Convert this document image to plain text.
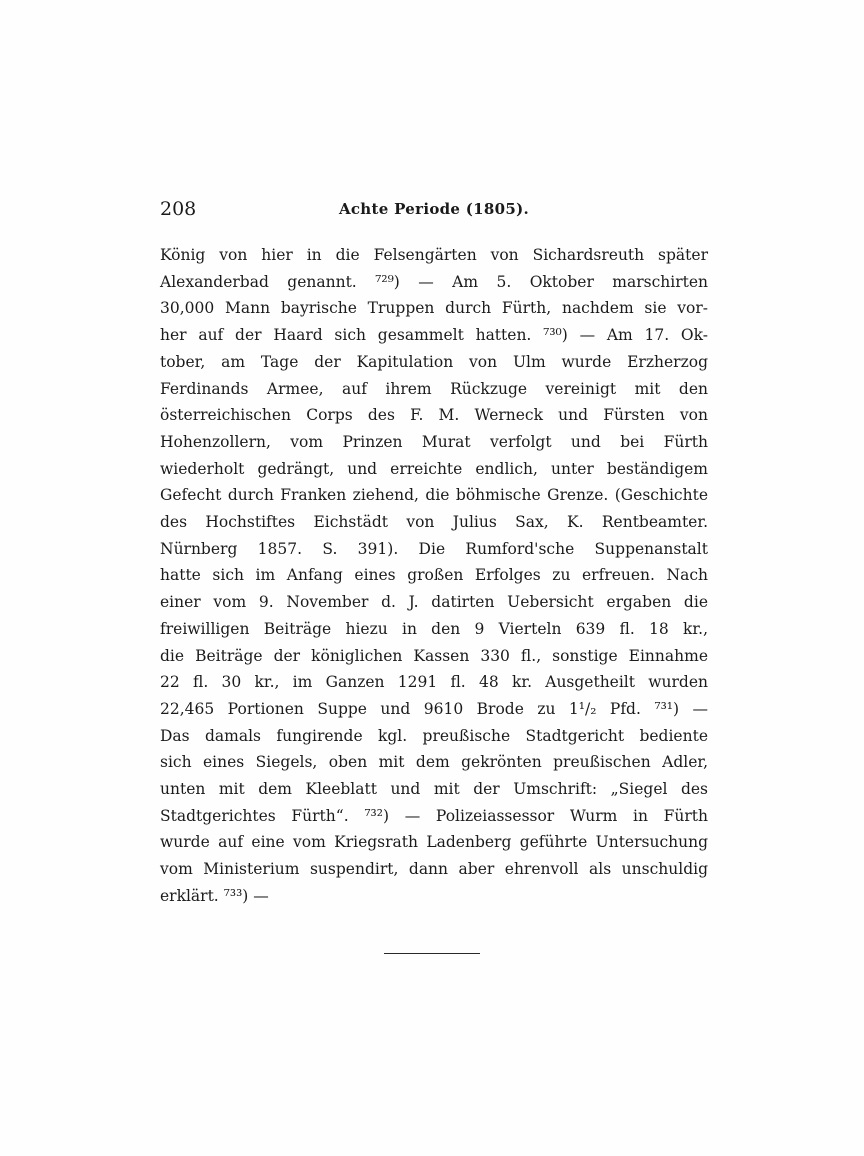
208	Achte Periode (1805).
König von hier in die Felsengärten von Sichardsreuth später
Alexanderbad genannt. ⁷²⁹) — Am 5. Oktober marschirten
30,000 Mann bayrische Truppen durch Fürth, nachdem sie vor-
her auf der Haard sich gesammelt hatten. ⁷³⁰) — Am 17. Ok-
tober, am Tage der Kapitulation von Ulm wurde Erzherzog
Ferdinands Armee, auf ihrem Rückzuge vereinigt mit den
österreichischen Corps des F. M. Werneck und Fürsten von
Hohenzollern, vom Prinzen Murat verfolgt und bei Fürth
wiederholt gedrängt, und erreichte endlich, unter beständigem
Gefecht durch Franken ziehend, die böhmische Grenze. (Geschichte
des Hochstiftes Eichstädt von Julius Sax, K. Rentbeamter.
Nürnberg 1857. S. 391). Die Rumford'sche Suppenanstalt
hatte sich im Anfang eines großen Erfolges zu erfreuen. Nach
einer vom 9. November d. J. datirten Uebersicht ergaben die
freiwilligen Beiträge hiezu in den 9 Vierteln 639 fl. 18 kr.,
die Beiträge der königlichen Kassen 330 fl., sonstige Einnahme
22 fl. 30 kr., im Ganzen 1291 fl. 48 kr. Ausgetheilt wurden
22,465 Portionen Suppe und 9610 Brode zu 1¹/₂ Pfd. ⁷³¹) —
Das damals fungirende kgl. preußische Stadtgericht bediente
sich eines Siegels, oben mit dem gekrönten preußischen Adler,
unten mit dem Kleeblatt und mit der Umschrift: „Siegel des
Stadtgerichtes Fürth“. ⁷³²) — Polizeiassessor Wurm in Fürth
wurde auf eine vom Kriegsrath Ladenberg geführte Untersuchung
vom Ministerium suspendirt, dann aber ehrenvoll als unschuldig
erklärt. ⁷³³) —
